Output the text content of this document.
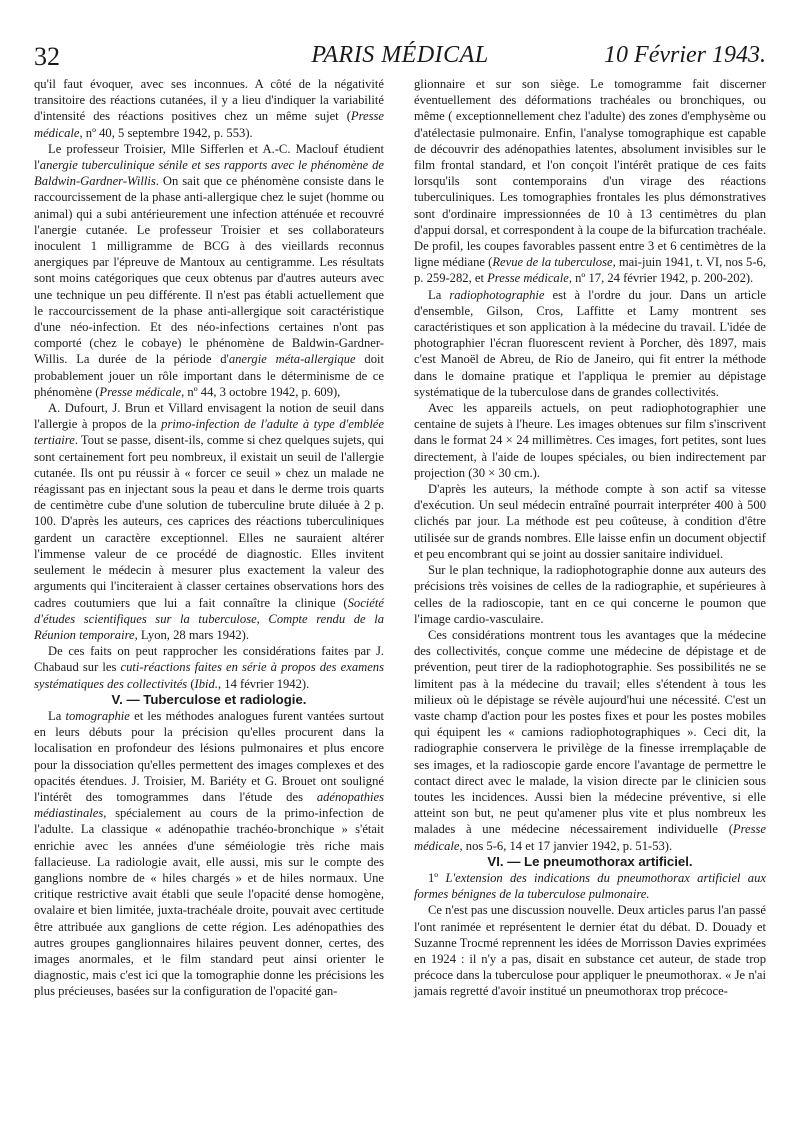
32	PARIS MÉDICAL	10 Février 1943.

qu'il faut évoquer, avec ses inconnues. A côté de la négativité transitoire des réactions cutanées, il y a lieu d'indiquer la variabilité d'intensité des réactions positives chez un même sujet (Presse médicale, nº 40, 5 septembre 1942, p. 553).

Le professeur Troisier, Mlle Sifferlen et A.-C. Maclouf étudient l'anergie tuberculinique sénile et ses rapports avec le phénomène de Baldwin-Gardner-Willis. On sait que ce phénomène consiste dans le raccourcissement de la phase anti-allergique chez le sujet (homme ou animal) qui a subi antérieurement une infection atténuée et recouvré l'anergie cutanée. Le professeur Troisier et ses collaborateurs inoculent 1 milligramme de BCG à des vieillards reconnus anergiques par l'épreuve de Mantoux au centigramme. Les résultats sont moins catégoriques que ceux obtenus par d'autres auteurs avec une technique un peu différente. Il n'est pas établi actuellement que le raccourcissement de la phase anti-allergique soit caractéristique d'une néo-infection. Et des néo-infections certaines n'ont pas comporté (chez le cobaye) le phénomène de Baldwin-Gardner-Willis. La durée de la période d'anergie méta-allergique doit probablement jouer un rôle important dans le déterminisme de ce phénomène (Presse médicale, nº 44, 3 octobre 1942, p. 609),

A. Dufourt, J. Brun et Villard envisagent la notion de seuil dans l'allergie à propos de la primo-infection de l'adulte à type d'emblée tertiaire. Tout se passe, disent-ils, comme si chez quelques sujets, qui sont certainement fort peu nombreux, il existait un seuil de l'allergie cutanée. Ils ont pu réussir à « forcer ce seuil » chez un malade ne réagissant pas en injectant sous la peau et dans le derme trois quarts de centimètre cube d'une solution de tuberculine brute diluée à 2 p. 100. D'après les auteurs, ces caprices des réactions tuberculiniques gardent un caractère exceptionnel. Elles ne sauraient altérer l'immense valeur de ce procédé de diagnostic. Elles invitent seulement le médecin à mesurer plus exactement la valeur des arguments qui l'inciteraient à classer certaines observations hors des cadres coutumiers que lui a fait connaître la clinique (Société d'études scientifiques sur la tuberculose, Compte rendu de la Réunion temporaire, Lyon, 28 mars 1942).

De ces faits on peut rapprocher les considérations faites par J. Chabaud sur les cuti-réactions faites en série à propos des examens systématiques des collectivités (Ibid., 14 février 1942).

V. — Tuberculose et radiologie.

La tomographie et les méthodes analogues furent vantées surtout en leurs débuts pour la précision qu'elles procurent dans la localisation en profondeur des lésions pulmonaires et plus encore pour la dissociation qu'elles permettent des images complexes et des opacités étendues. J. Troisier, M. Bariéty et G. Brouet ont souligné l'intérêt des tomogrammes dans l'étude des adénopathies médiastinales, spécialement au cours de la primo-infection de l'adulte. La classique « adénopathie trachéo-bronchique » s'était enrichie avec les années d'une séméiologie très riche mais fallacieuse. La radiologie avait, elle aussi, mis sur le compte des ganglions nombre de « hiles chargés » et de hiles normaux. Une critique restrictive avait établi que seule l'opacité dense homogène, ovalaire et bien limitée, juxta-trachéale droite, pouvait avec certitude être attribuée aux ganglions de cette région. Les adénopathies des autres groupes ganglionnaires hilaires peuvent donner, certes, des images anormales, et le film standard peut ainsi orienter le diagnostic, mais c'est ici que la tomographie donne les précisions les plus précieuses, basées sur la configuration de l'opacité gan-

glionnaire et sur son siège. Le tomogramme fait discerner éventuellement des déformations trachéales ou bronchiques, ou même ( exceptionnellement chez l'adulte) des zones d'emphysème ou d'atélectasie pulmonaire. Enfin, l'analyse tomographique est capable de découvrir des adénopathies latentes, absolument invisibles sur le film frontal standard, et l'on conçoit l'intérêt pratique de ces faits lorsqu'ils sont contemporains d'un virage des réactions tuberculiniques. Les tomographies frontales les plus démonstratives sont d'ordinaire impressionnées de 10 à 13 centimètres du plan d'appui dorsal, et correspondent à la coupe de la bifurcation trachéale. De profil, les coupes favorables passent entre 3 et 6 centimètres de la ligne médiane (Revue de la tuberculose, mai-juin 1941, t. VI, nos 5-6, p. 259-282, et Presse médicale, nº 17, 24 février 1942, p. 200-202).

La radiophotographie est à l'ordre du jour. Dans un article d'ensemble, Gilson, Cros, Laffitte et Lamy montrent ses caractéristiques et son application à la médecine du travail. L'idée de photographier l'écran fluorescent revient à Porcher, dès 1897, mais c'est Manoël de Abreu, de Rio de Janeiro, qui fit entrer la méthode dans le domaine pratique et l'appliqua le premier au dépistage systématique de la tuberculose dans de grandes collectivités.

Avec les appareils actuels, on peut radiophotographier une centaine de sujets à l'heure. Les images obtenues sur film s'inscrivent dans le format 24 × 24 millimètres. Ces images, fort petites, sont lues directement, à l'aide de loupes spéciales, ou bien indirectement par projection (30 × 30 cm.).

D'après les auteurs, la méthode compte à son actif sa vitesse d'exécution. Un seul médecin entraîné pourrait interpréter 400 à 500 clichés par jour. La méthode est peu coûteuse, à condition d'être utilisée sur de grands nombres. Elle laisse enfin un document objectif et peu encombrant qui se joint au dossier sanitaire individuel.

Sur le plan technique, la radiophotographie donne aux auteurs des précisions très voisines de celles de la radiographie, et supérieures à celles de la radioscopie, tant en ce qui concerne le poumon que l'image cardio-vasculaire.

Ces considérations montrent tous les avantages que la médecine des collectivités, conçue comme une médecine de dépistage et de prévention, peut tirer de la radiophotographie. Ses possibilités ne se limitent pas à la médecine du travail; elles s'étendent à tous les milieux où le dépistage se révèle aujourd'hui une nécessité. C'est un vaste champ d'action pour les postes fixes et pour les postes mobiles qui équipent les « camions radiophotographiques ». Ceci dit, la radiographie conservera le privilège de la finesse irremplaçable de ses images, et la radioscopie garde encore l'avantage de permettre le contact direct avec le malade, la vision directe par le clinicien sous toutes les incidences. Aussi bien la médecine préventive, si elle atteint son but, ne peut qu'amener plus vite et plus nombreux les malades à une médecine nécessairement individuelle (Presse médicale, nos 5-6, 14 et 17 janvier 1942, p. 51-53).

VI. — Le pneumothorax artificiel.

1º L'extension des indications du pneumothorax artificiel aux formes bénignes de la tuberculose pulmonaire.

Ce n'est pas une discussion nouvelle. Deux articles parus l'an passé l'ont ranimée et représentent le dernier état du débat. D. Douady et Suzanne Trocmé reprennent les idées de Morrisson Davies exprimées en 1924 : il n'y a pas, disait en substance cet auteur, de stade trop précoce dans la tuberculose pour appliquer le pneumothorax. « Je n'ai jamais regretté d'avoir institué un pneumothorax trop précoce-
